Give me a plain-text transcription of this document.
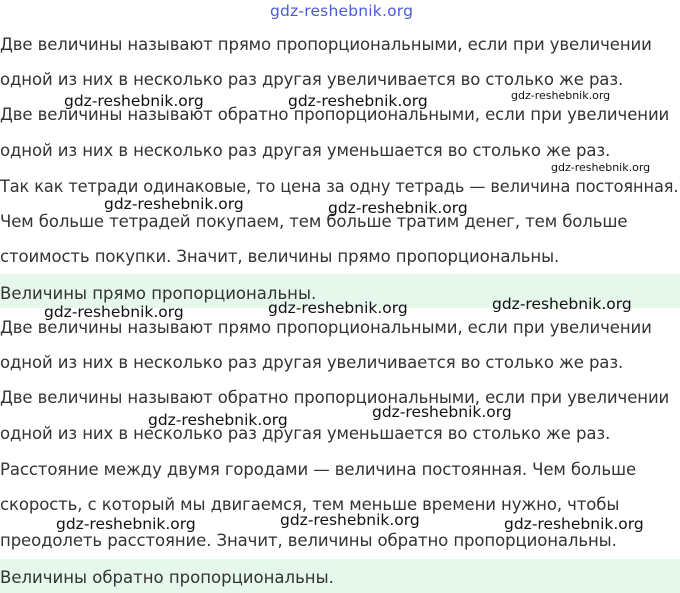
gdz-reshebnik.org
Две величины называют прямо пропорциональными, если при увеличении
одной из них в несколько раз другая увеличивается во столько же раз.
Две величины называют обратно пропорциональными, если при увеличении
одной из них в несколько раз другая уменьшается во столько же раз.
Так как тетради одинаковые, то цена за одну тетрадь — величина постоянная.
Чем больше тетрадей покупаем, тем больше тратим денег, тем больше
стоимость покупки. Значит, величины прямо пропорциональны.
Величины прямо пропорциональны.
Две величины называют прямо пропорциональными, если при увеличении
одной из них в несколько раз другая увеличивается во столько же раз.
Две величины называют обратно пропорциональными, если при увеличении
одной из них в несколько раз другая уменьшается во столько же раз.
Расстояние между двумя городами — величина постоянная. Чем больше
скорость, с который мы двигаемся, тем меньше времени нужно, чтобы
преодолеть расстояние. Значит, величины обратно пропорциональны.
Величины обратно пропорциональны.
gdz-reshebnik.org	gdz-reshebnik.org	gdz-reshebnik.org
gdz-reshebnik.org
gdz-reshebnik.org	gdz-reshebnik.org
gdz-reshebnik.org	gdz-reshebnik.org	gdz-reshebnik.org
gdz-reshebnik.org	gdz-reshebnik.org
gdz-reshebnik.org	gdz-reshebnik.org	gdz-reshebnik.org
